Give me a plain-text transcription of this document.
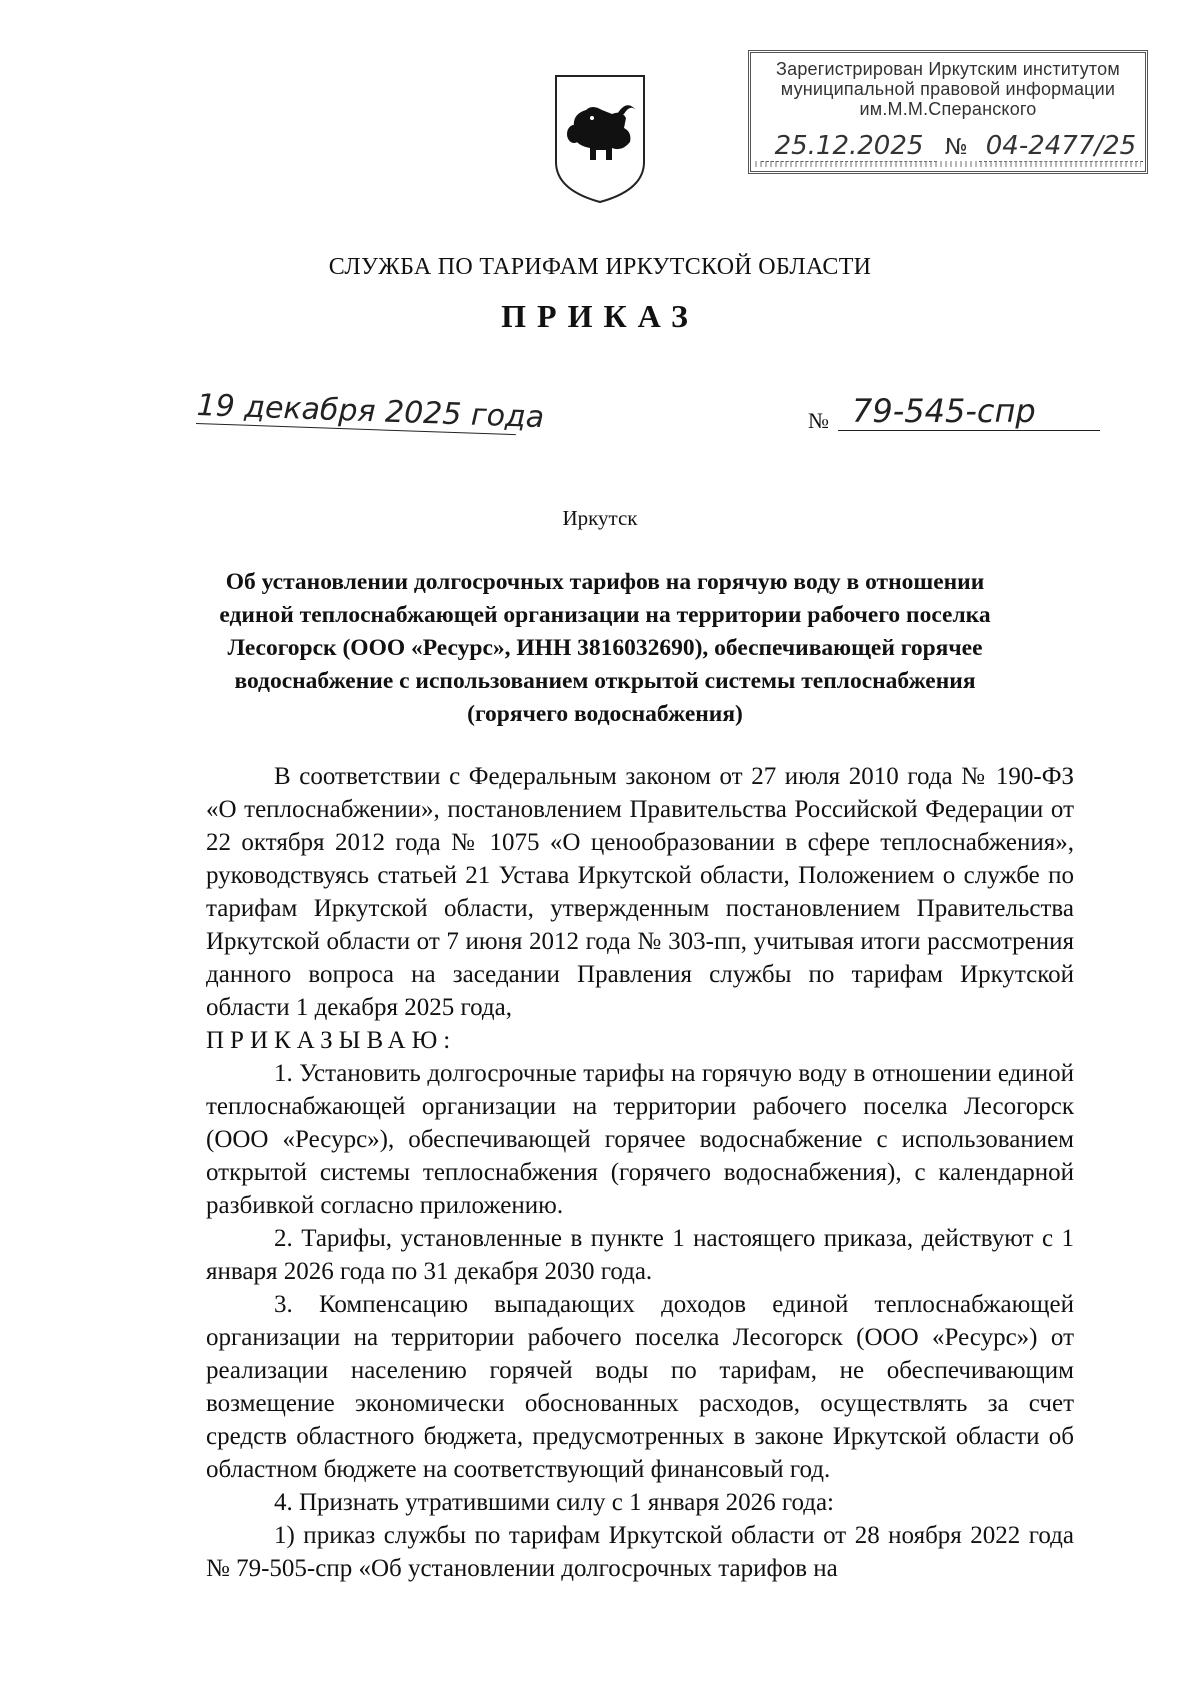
Зарегистрирован Иркутским институтом
муниципальной правовой информации
им.М.М.Сперанского
25.12.2025 № 04-2477/25
СЛУЖБА ПО ТАРИФАМ ИРКУТСКОЙ ОБЛАСТИ
ПРИКАЗ
19 декабря 2025 года	№ 79-545-спр
Иркутск
Об установлении долгосрочных тарифов на горячую воду в отношении единой теплоснабжающей организации на территории рабочего поселка Лесогорск (ООО «Ресурс», ИНН 3816032690), обеспечивающей горячее водоснабжение с использованием открытой системы теплоснабжения (горячего водоснабжения)

В соответствии с Федеральным законом от 27 июля 2010 года № 190-ФЗ «О теплоснабжении», постановлением Правительства Российской Федерации от 22 октября 2012 года № 1075 «О ценообразовании в сфере теплоснабжения», руководствуясь статьей 21 Устава Иркутской области, Положением о службе по тарифам Иркутской области, утвержденным постановлением Правительства Иркутской области от 7 июня 2012 года № 303-пп, учитывая итоги рассмотрения данного вопроса на заседании Правления службы по тарифам Иркутской области 1 декабря 2025 года,

ПРИКАЗЫВАЮ:

1. Установить долгосрочные тарифы на горячую воду в отношении единой теплоснабжающей организации на территории рабочего поселка Лесогорск (ООО «Ресурс»), обеспечивающей горячее водоснабжение с использованием открытой системы теплоснабжения (горячего водоснабжения), с календарной разбивкой согласно приложению.

2. Тарифы, установленные в пункте 1 настоящего приказа, действуют с 1 января 2026 года по 31 декабря 2030 года.

3. Компенсацию выпадающих доходов единой теплоснабжающей организации на территории рабочего поселка Лесогорск (ООО «Ресурс») от реализации населению горячей воды по тарифам, не обеспечивающим возмещение экономически обоснованных расходов, осуществлять за счет средств областного бюджета, предусмотренных в законе Иркутской области об областном бюджете на соответствующий финансовый год.

4. Признать утратившими силу с 1 января 2026 года:

1) приказ службы по тарифам Иркутской области от 28 ноября 2022 года № 79-505-спр «Об установлении долгосрочных тарифов на
